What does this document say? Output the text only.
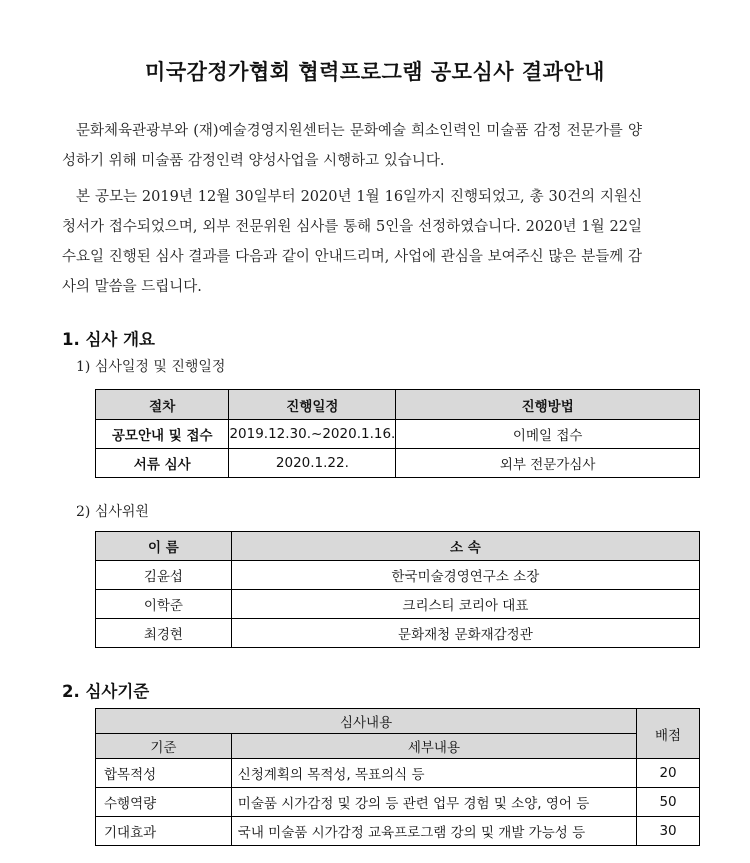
미국감정가협회 협력프로그램 공모심사 결과안내

문화체육관광부와 (재)예술경영지원센터는 문화예술 희소인력인 미술품 감정 전문가를 양성하기 위해 미술품 감정인력 양성사업을 시행하고 있습니다.

본 공모는 2019년 12월 30일부터 2020년 1월 16일까지 진행되었고, 총 30건의 지원신청서가 접수되었으며, 외부 전문위원 심사를 통해 5인을 선정하였습니다. 2020년 1월 22일 수요일 진행된 심사 결과를 다음과 같이 안내드리며, 사업에 관심을 보여주신 많은 분들께 감사의 말씀을 드립니다.

1. 심사 개요
1) 심사일정 및 진행일정
절차	진행일정	진행방법
공모안내 및 접수	2019.12.30.~2020.1.16.	이메일 접수
서류 심사	2020.1.22.	외부 전문가심사
2) 심사위원
이 름	소 속
김윤섭	한국미술경영연구소 소장
이학준	크리스티 코리아 대표
최경현	문화재청 문화재감정관
2. 심사기준
심사내용		배점
기준	세부내용	
합목적성	신청계획의 목적성, 목표의식 등	20
수행역량	미술품 시가감정 및 강의 등 관련 업무 경험 및 소양, 영어 등	50
기대효과	국내 미술품 시가감정 교육프로그램 강의 및 개발 가능성 등	30
